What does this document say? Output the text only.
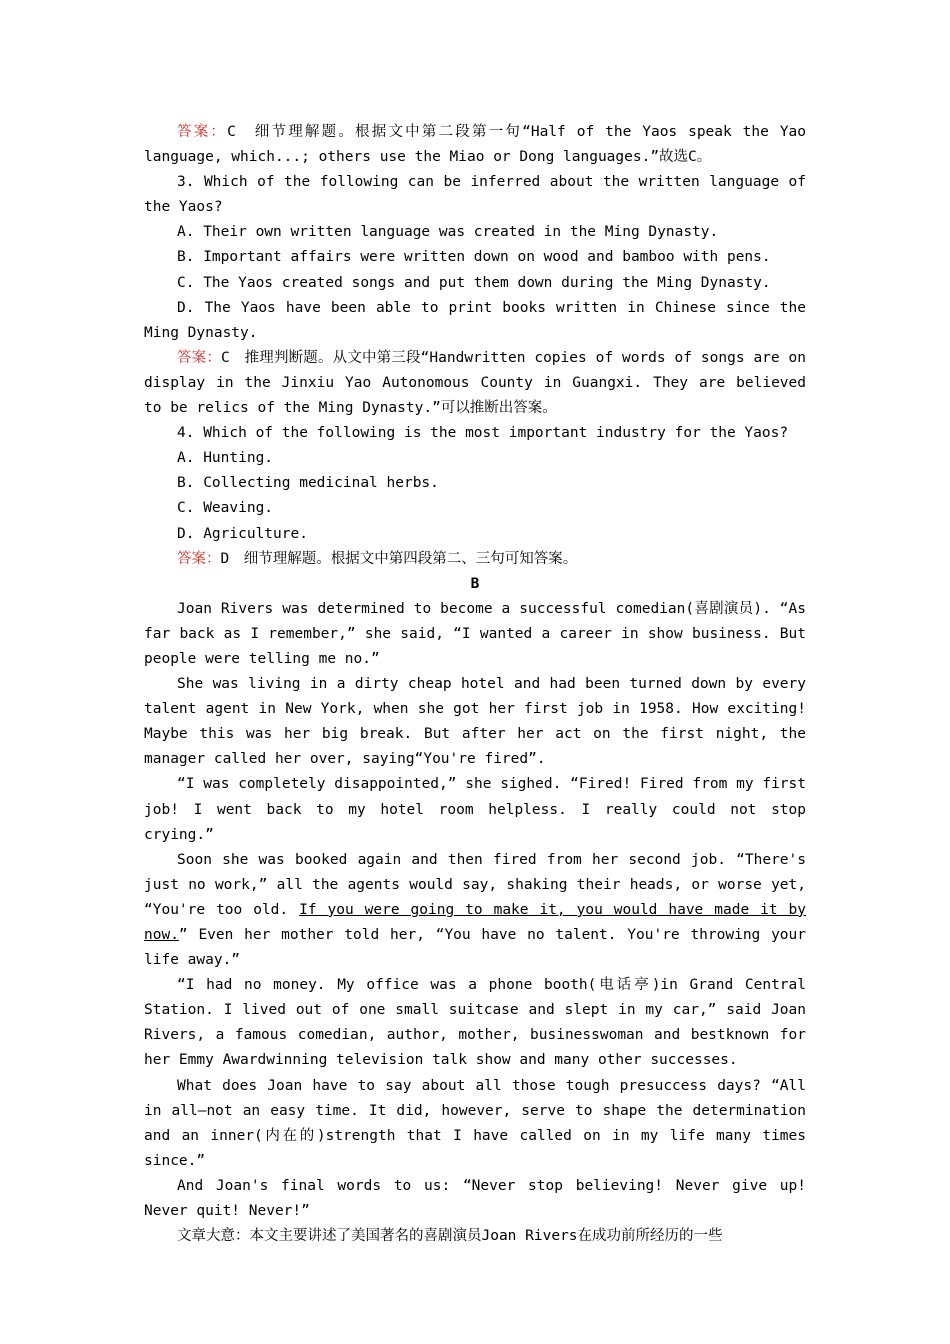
答案：C　细节理解题。根据文中第二段第一句“Half of the Yaos speak the Yao language, which...; others use the Miao or Dong languages.”故选C。

3. Which of the following can be inferred about the written language of the Yaos?

A. Their own written language was created in the Ming Dynasty.

B. Important affairs were written down on wood and bamboo with pens.

C. The Yaos created songs and put them down during the Ming Dynasty.

D. The Yaos have been able to print books written in Chinese since the Ming Dynasty.

答案：C　推理判断题。从文中第三段“Handwritten copies of words of songs are on display in the Jinxiu Yao Autonomous County in Guangxi. They are believed to be relics of the Ming Dynasty.”可以推断出答案。

4. Which of the following is the most important industry for the Yaos?

A. Hunting.

B. Collecting medicinal herbs.

C. Weaving.

D. Agriculture.

答案：D　细节理解题。根据文中第四段第二、三句可知答案。

B

Joan Rivers was determined to become a successful comedian(喜剧演员). “As far back as I remember,” she said, “I wanted a career in show business. But people were telling me no.”

She was living in a dirty cheap hotel and had been turned down by every talent agent in New York, when she got her first job in 1958. How exciting! Maybe this was her big break. But after her act on the first night, the manager called her over, saying“You're fired”.

“I was completely disappointed,” she sighed. “Fired! Fired from my first job! I went back to my hotel room helpless. I really could not stop crying.”

Soon she was booked again and then fired from her second job. “There's just no work,” all the agents would say, shaking their heads, or worse yet, “You're too old. If you were going to make it, you would have made it by now.” Even her mother told her, “You have no talent. You're throwing your life away.”

“I had no money. My office was a phone booth(电话亭)in Grand Central Station. I lived out of one small suitcase and slept in my car,” said Joan Rivers, a famous comedian, author, mother, businesswoman and bestknown for her Emmy Awardwinning television talk show and many other successes.

What does Joan have to say about all those tough presuccess days? “All in all—not an easy time. It did, however, serve to shape the determination and an inner(内在的)strength that I have called on in my life many times since.”

And Joan's final words to us: “Never stop believing! Never give up! Never quit! Never!”

文章大意：本文主要讲述了美国著名的喜剧演员Joan Rivers在成功前所经历的一些
